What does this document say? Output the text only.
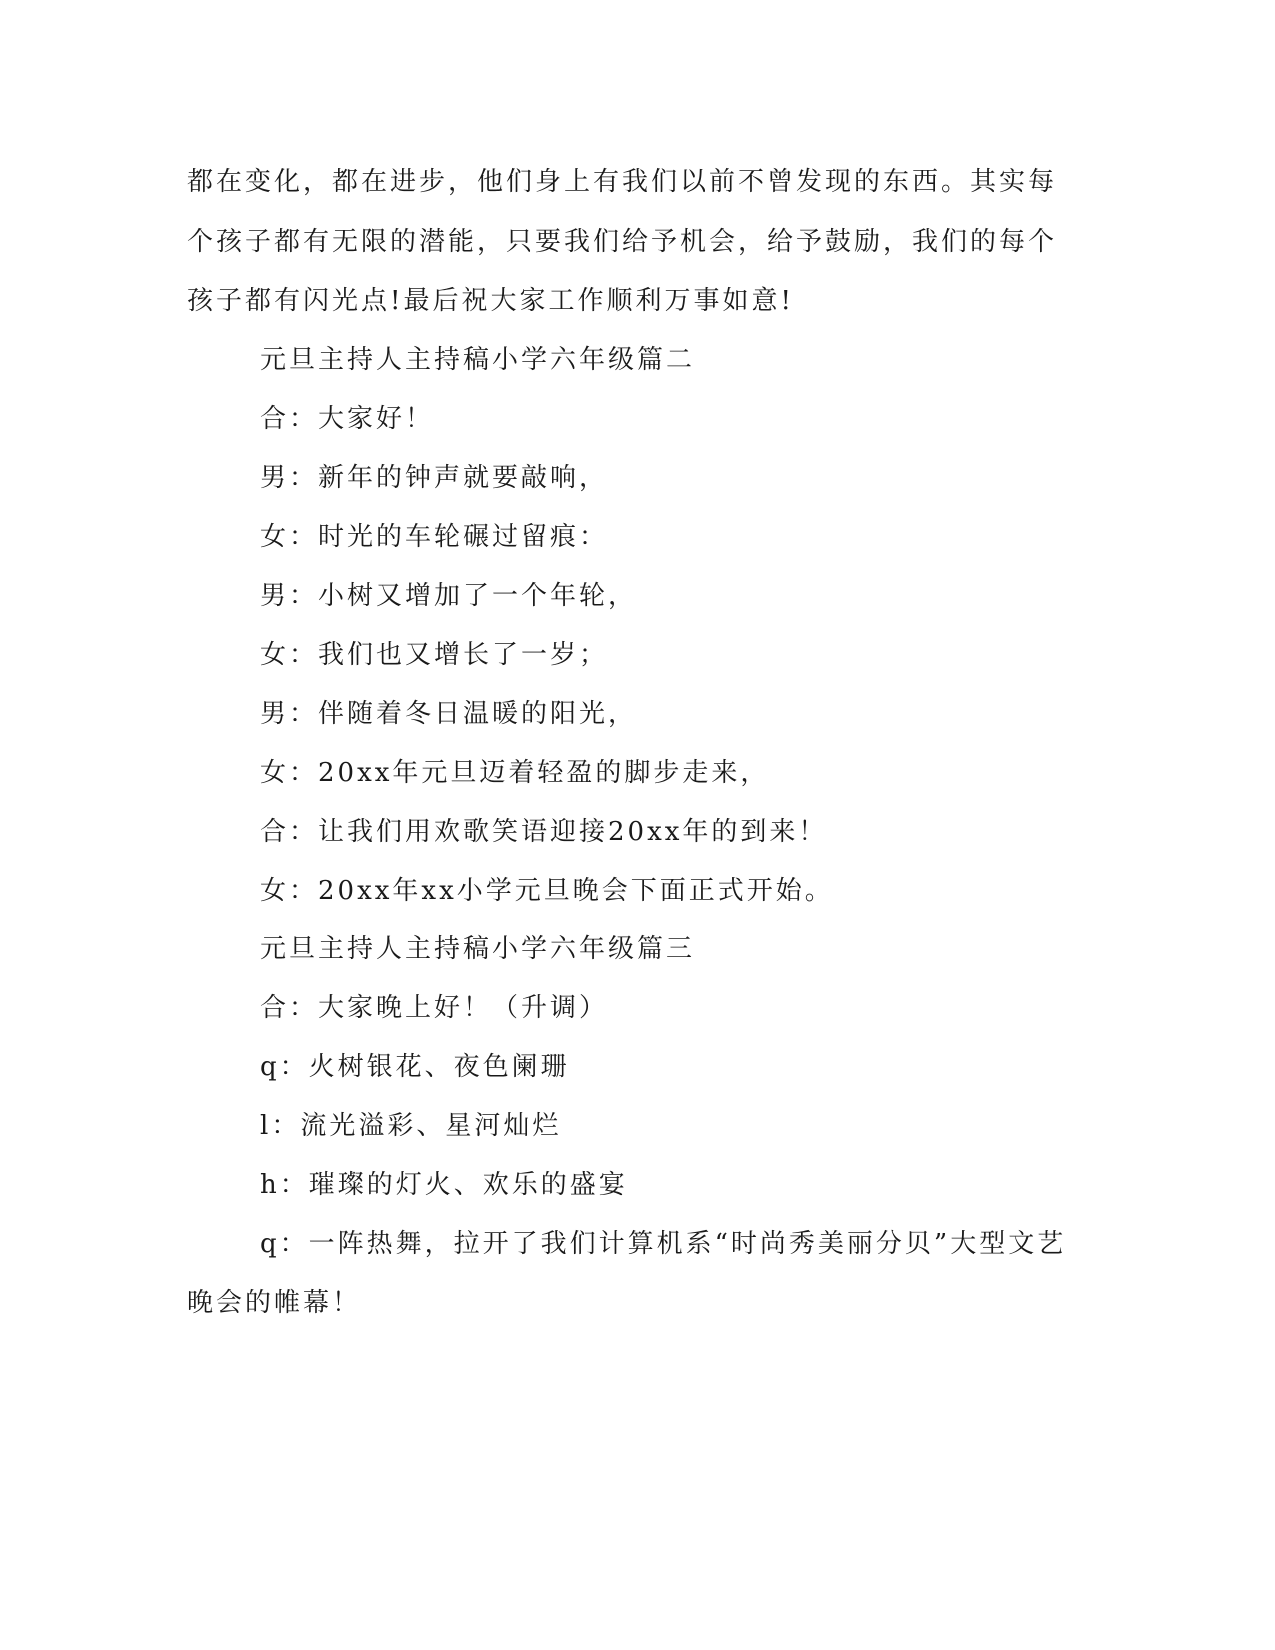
都在变化，都在进步，他们身上有我们以前不曾发现的东西。其实每

个孩子都有无限的潜能，只要我们给予机会，给予鼓励，我们的每个

孩子都有闪光点!最后祝大家工作顺利万事如意!

元旦主持人主持稿小学六年级篇二

合：大家好！

男：新年的钟声就要敲响，

女：时光的车轮碾过留痕：

男：小树又增加了一个年轮，

女：我们也又增长了一岁；

男：伴随着冬日温暖的阳光，

女：20xx年元旦迈着轻盈的脚步走来，

合：让我们用欢歌笑语迎接20xx年的到来！

女：20xx年xx小学元旦晚会下面正式开始。

元旦主持人主持稿小学六年级篇三

合：大家晚上好！（升调）

q：火树银花、夜色阑珊

l：流光溢彩、星河灿烂

h：璀璨的灯火、欢乐的盛宴

q：一阵热舞，拉开了我们计算机系“时尚秀美丽分贝”大型文艺

晚会的帷幕！
